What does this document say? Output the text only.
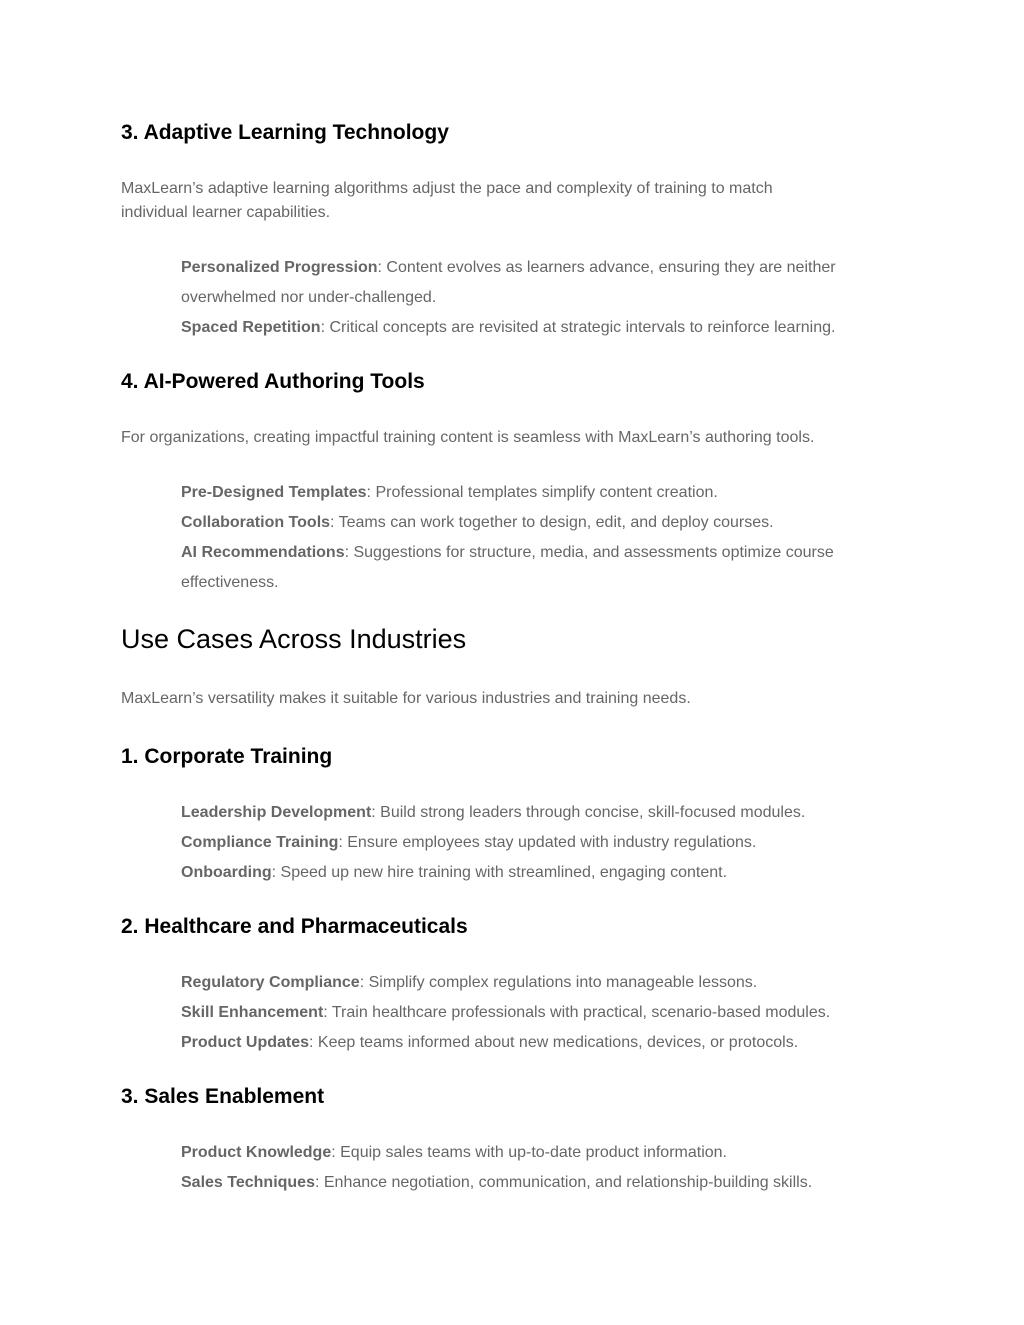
3. Adaptive Learning Technology

MaxLearn’s adaptive learning algorithms adjust the pace and complexity of training to match

individual learner capabilities.

Personalized Progression: Content evolves as learners advance, ensuring they are neither
overwhelmed nor under-challenged.
Spaced Repetition: Critical concepts are revisited at strategic intervals to reinforce learning.
4. AI-Powered Authoring Tools

For organizations, creating impactful training content is seamless with MaxLearn’s authoring tools.

Pre-Designed Templates: Professional templates simplify content creation.
Collaboration Tools: Teams can work together to design, edit, and deploy courses.
AI Recommendations: Suggestions for structure, media, and assessments optimize course
effectiveness.
Use Cases Across Industries

MaxLearn’s versatility makes it suitable for various industries and training needs.

1. Corporate Training
Leadership Development: Build strong leaders through concise, skill-focused modules.
Compliance Training: Ensure employees stay updated with industry regulations.
Onboarding: Speed up new hire training with streamlined, engaging content.
2. Healthcare and Pharmaceuticals
Regulatory Compliance: Simplify complex regulations into manageable lessons.
Skill Enhancement: Train healthcare professionals with practical, scenario-based modules.
Product Updates: Keep teams informed about new medications, devices, or protocols.
3. Sales Enablement
Product Knowledge: Equip sales teams with up-to-date product information.
Sales Techniques: Enhance negotiation, communication, and relationship-building skills.
